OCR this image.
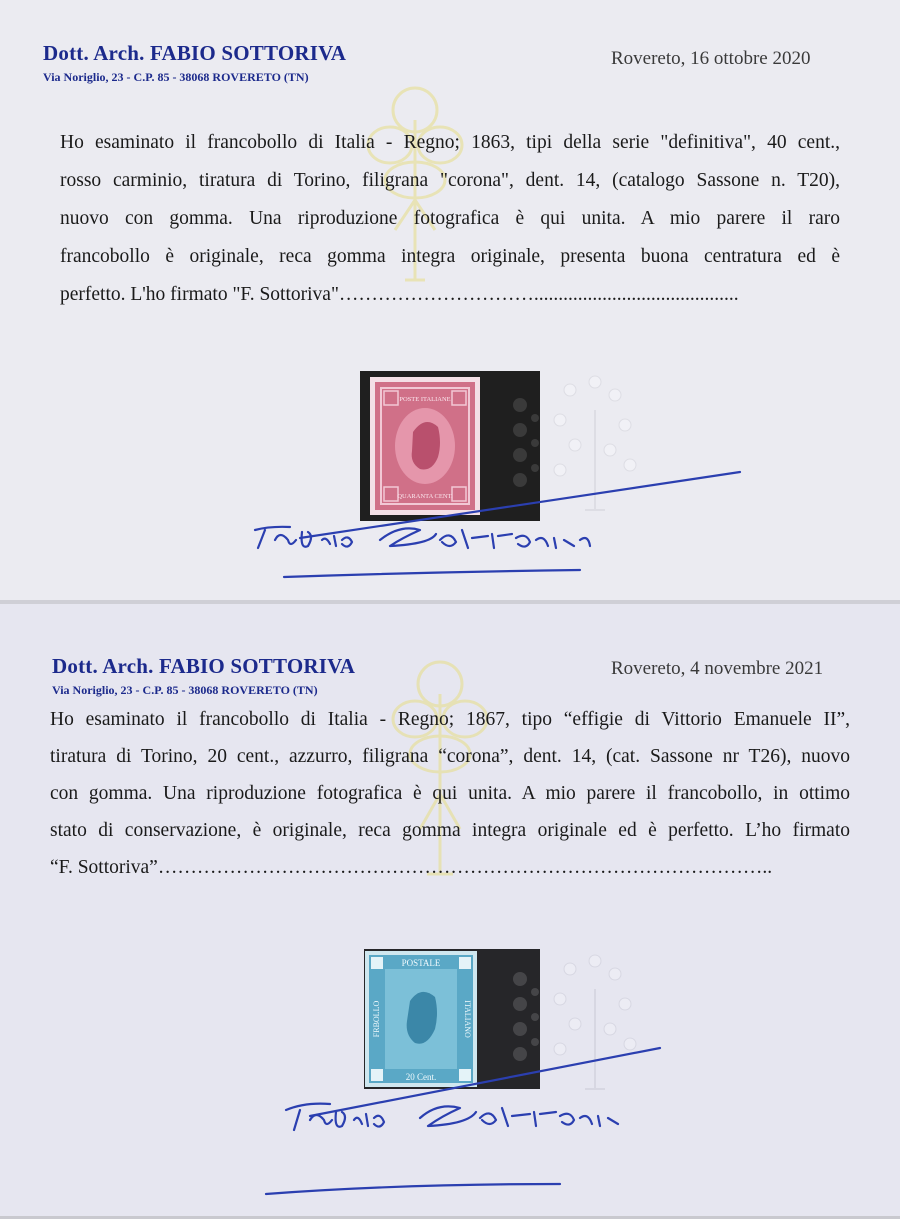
Dott. Arch. FABIO SOTTORIVA
Via Noriglio, 23 - C.P. 85 - 38068 ROVERETO (TN)
Rovereto, 16 ottobre 2020
Ho esaminato il francobollo di Italia - Regno; 1863, tipi della serie "definitiva", 40 cent.,
rosso carminio, tiratura di Torino, filigrana "corona", dent. 14, (catalogo Sassone n. T20),
nuovo con gomma. Una riproduzione fotografica è qui unita. A mio parere il raro
francobollo è originale, reca gomma integra originale, presenta buona centratura ed è
perfetto. L'ho firmato "F. Sottoriva"…………………………..........................................
POSTE ITALIANE
QUARANTA CENT.
Dott. Arch. FABIO SOTTORIVA
Via Noriglio, 23 - C.P. 85 - 38068 ROVERETO (TN)
Rovereto, 4 novembre 2021
Ho esaminato il francobollo di Italia - Regno; 1867, tipo “effigie di Vittorio Emanuele II”,
tiratura di Torino, 20 cent., azzurro, filigrana “corona”, dent. 14, (cat. Sassone nr T26), nuovo
con gomma. Una riproduzione fotografica è qui unita. A mio parere il francobollo, in ottimo
stato di conservazione, è originale, reca gomma integra originale ed è perfetto. L’ho firmato
“F. Sottoriva”…………………………………………………………………………………..
POSTALE
20 Cent.
FRBOLLO	ITALIANO
